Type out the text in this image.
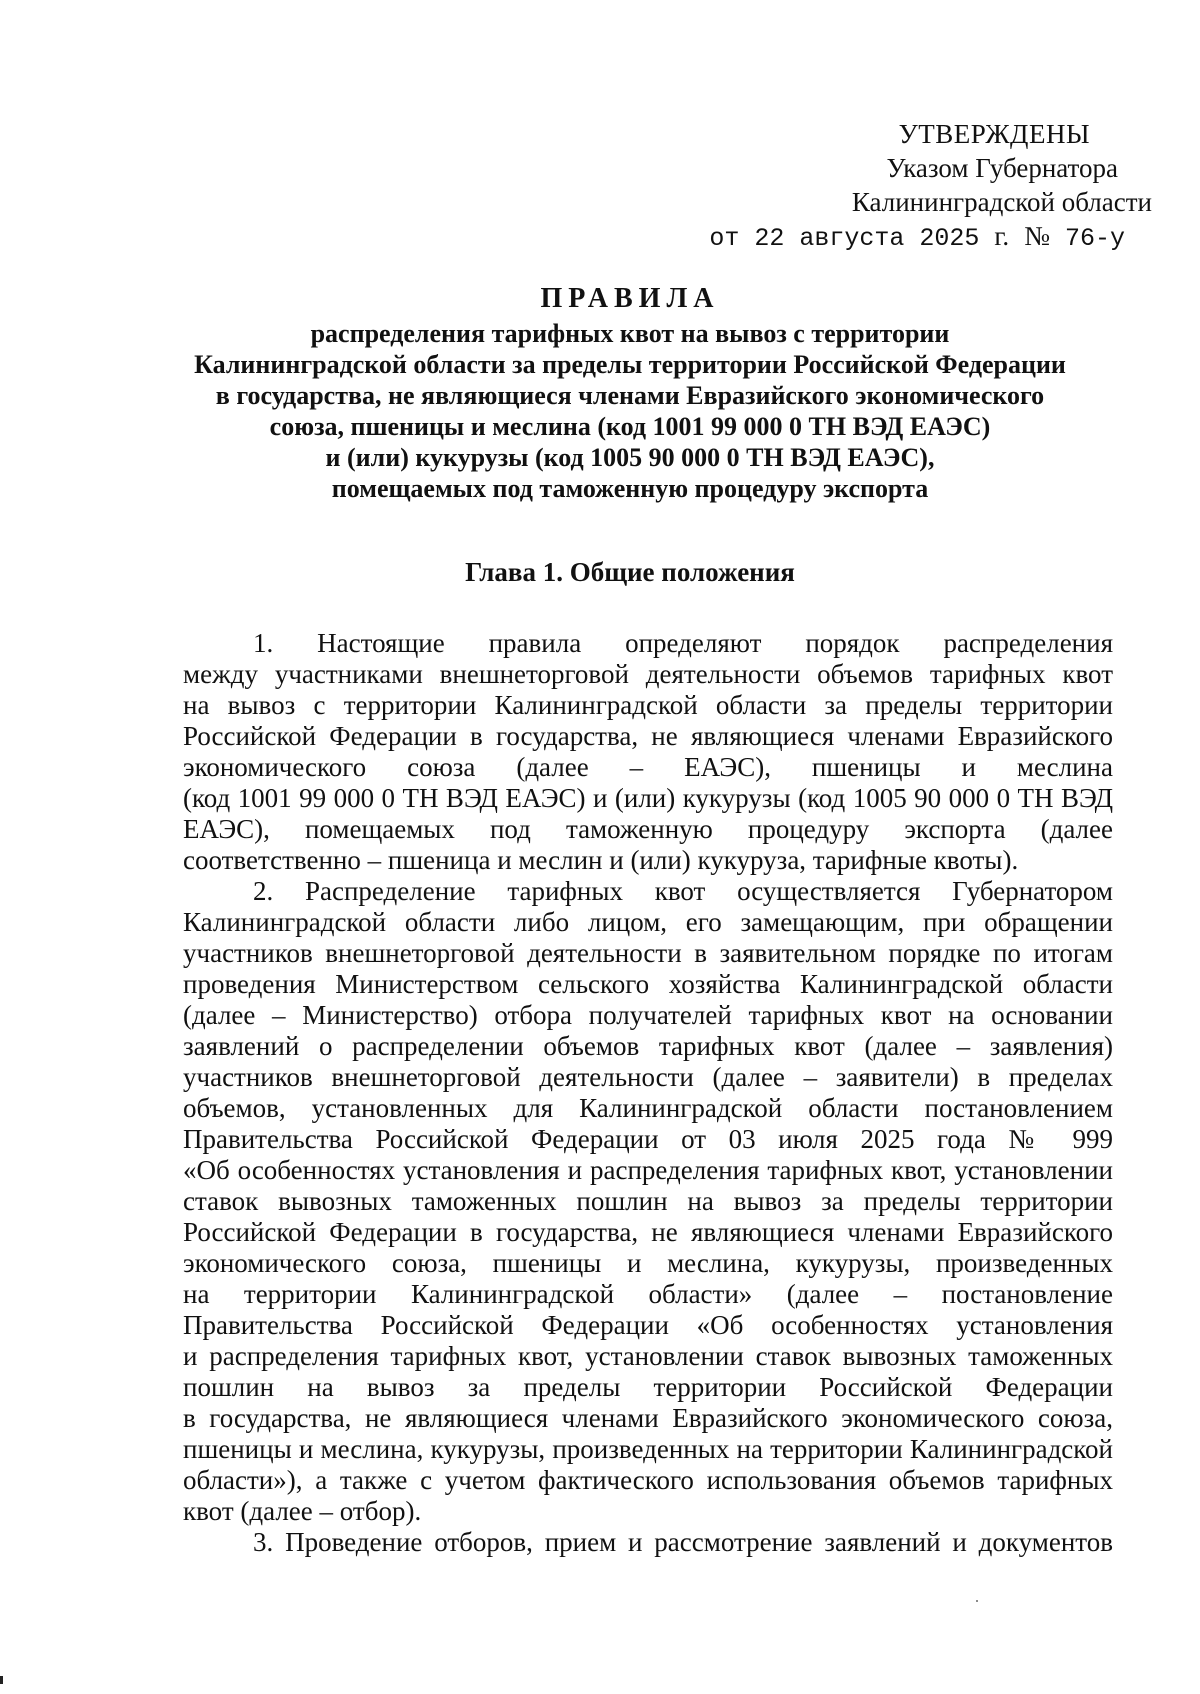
УТВЕРЖДЕНЫ
Указом Губернатора
Калининградской области
от 22 августа 2025 г. № 76-у
ПРАВИЛА
распределения тарифных квот на вывоз с территории
Калининградской области за пределы территории Российской Федерации
в государства, не являющиеся членами Евразийского экономического
союза, пшеницы и меслина (код 1001 99 000 0 ТН ВЭД ЕАЭС)
и (или) кукурузы (код 1005 90 000 0 ТН ВЭД ЕАЭС),
помещаемых под таможенную процедуру экспорта
Глава 1. Общие положения
1. Настоящие правила определяют порядок распределения
между участниками внешнеторговой деятельности объемов тарифных квот
на вывоз с территории Калининградской области за пределы территории
Российской Федерации в государства, не являющиеся членами Евразийского
экономического союза (далее – ЕАЭС), пшеницы и меслина
(код 1001 99 000 0 ТН ВЭД ЕАЭС) и (или) кукурузы (код 1005 90 000 0 ТН ВЭД
ЕАЭС), помещаемых под таможенную процедуру экспорта (далее
соответственно – пшеница и меслин и (или) кукуруза, тарифные квоты).
2. Распределение тарифных квот осуществляется Губернатором
Калининградской области либо лицом, его замещающим, при обращении
участников внешнеторговой деятельности в заявительном порядке по итогам
проведения Министерством сельского хозяйства Калининградской области
(далее – Министерство) отбора получателей тарифных квот на основании
заявлений о распределении объемов тарифных квот (далее – заявления)
участников внешнеторговой деятельности (далее – заявители) в пределах
объемов, установленных для Калининградской области постановлением
Правительства Российской Федерации от 03 июля 2025 года № 999
«Об особенностях установления и распределения тарифных квот, установлении
ставок вывозных таможенных пошлин на вывоз за пределы территории
Российской Федерации в государства, не являющиеся членами Евразийского
экономического союза, пшеницы и меслина, кукурузы, произведенных
на территории Калининградской области» (далее – постановление
Правительства Российской Федерации «Об особенностях установления
и распределения тарифных квот, установлении ставок вывозных таможенных
пошлин на вывоз за пределы территории Российской Федерации
в государства, не являющиеся членами Евразийского экономического союза,
пшеницы и меслина, кукурузы, произведенных на территории Калининградской
области»), а также с учетом фактического использования объемов тарифных
квот (далее – отбор).
3. Проведение отборов, прием и рассмотрение заявлений и документов
